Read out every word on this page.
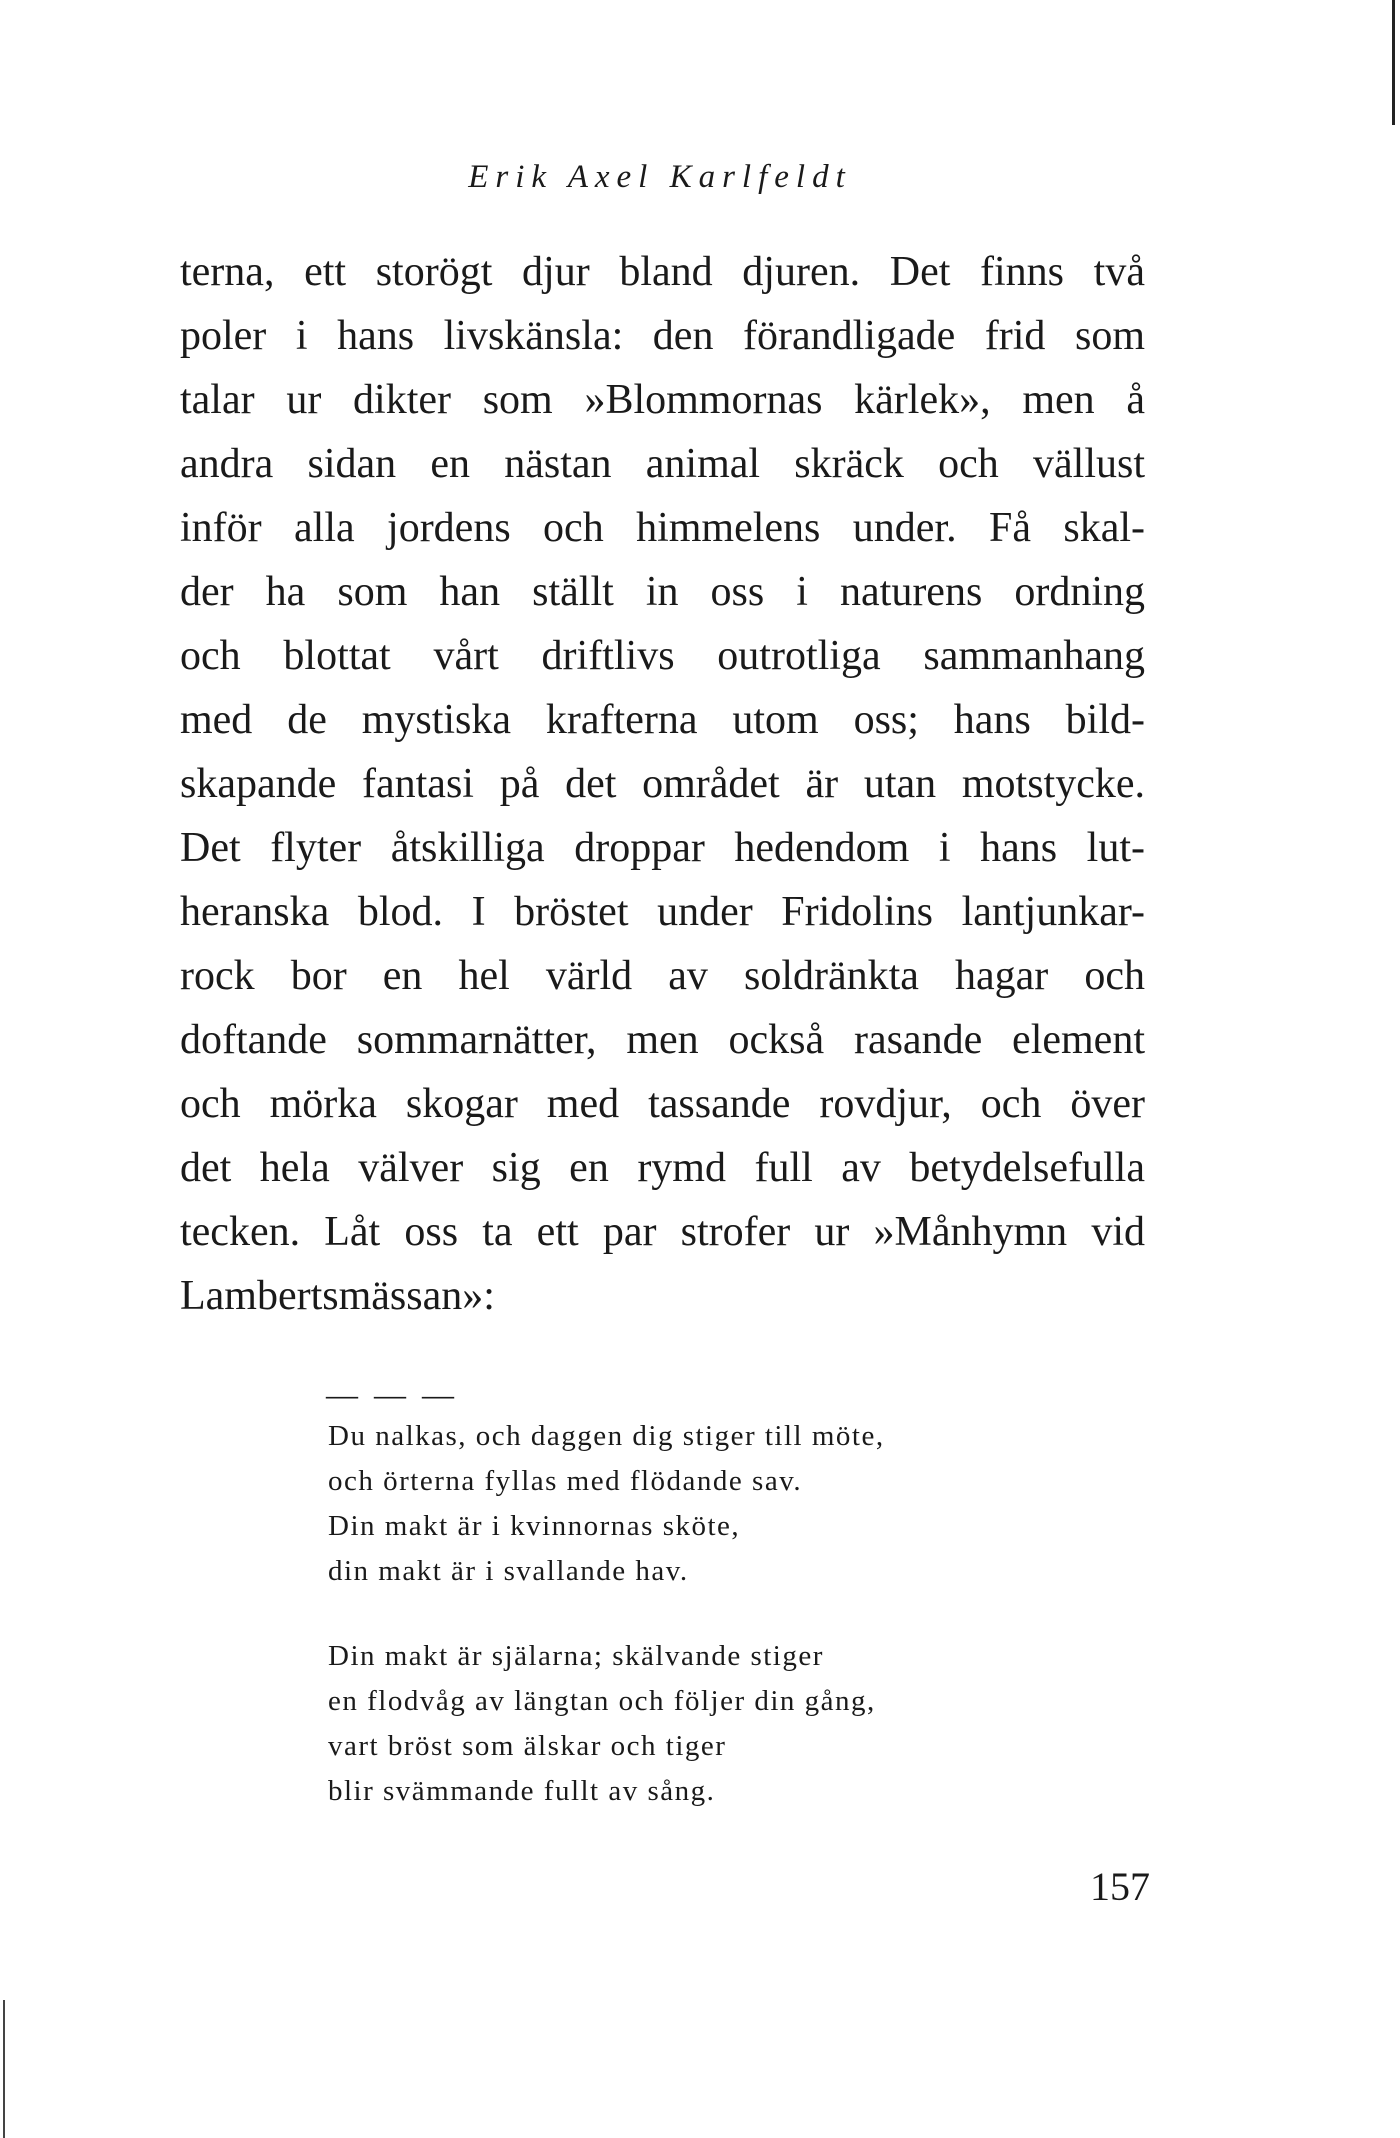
Erik Axel Karlfeldt
terna, ett storögt djur bland djuren. Det finns två
poler i hans livskänsla: den förandligade frid som
talar ur dikter som »Blommornas kärlek», men å
andra sidan en nästan animal skräck och vällust
inför alla jordens och himmelens under. Få skal-
der ha som han ställt in oss i naturens ordning
och blottat vårt driftlivs outrotliga sammanhang
med de mystiska krafterna utom oss; hans bild-
skapande fantasi på det området är utan motstycke.
Det flyter åtskilliga droppar hedendom i hans lut-
heranska blod. I bröstet under Fridolins lantjunkar-
rock bor en hel värld av soldränkta hagar och
doftande sommarnätter, men också rasande element
och mörka skogar med tassande rovdjur, och över
det hela välver sig en rymd full av betydelsefulla
tecken. Låt oss ta ett par strofer ur »Månhymn vid
Lambertsmässan»:
— — —
Du nalkas, och daggen dig stiger till möte,
och örterna fyllas med flödande sav.
Din makt är i kvinnornas sköte,
din makt är i svallande hav.
Din makt är själarna; skälvande stiger
en flodvåg av längtan och följer din gång,
vart bröst som älskar och tiger
blir svämmande fullt av sång.
157
